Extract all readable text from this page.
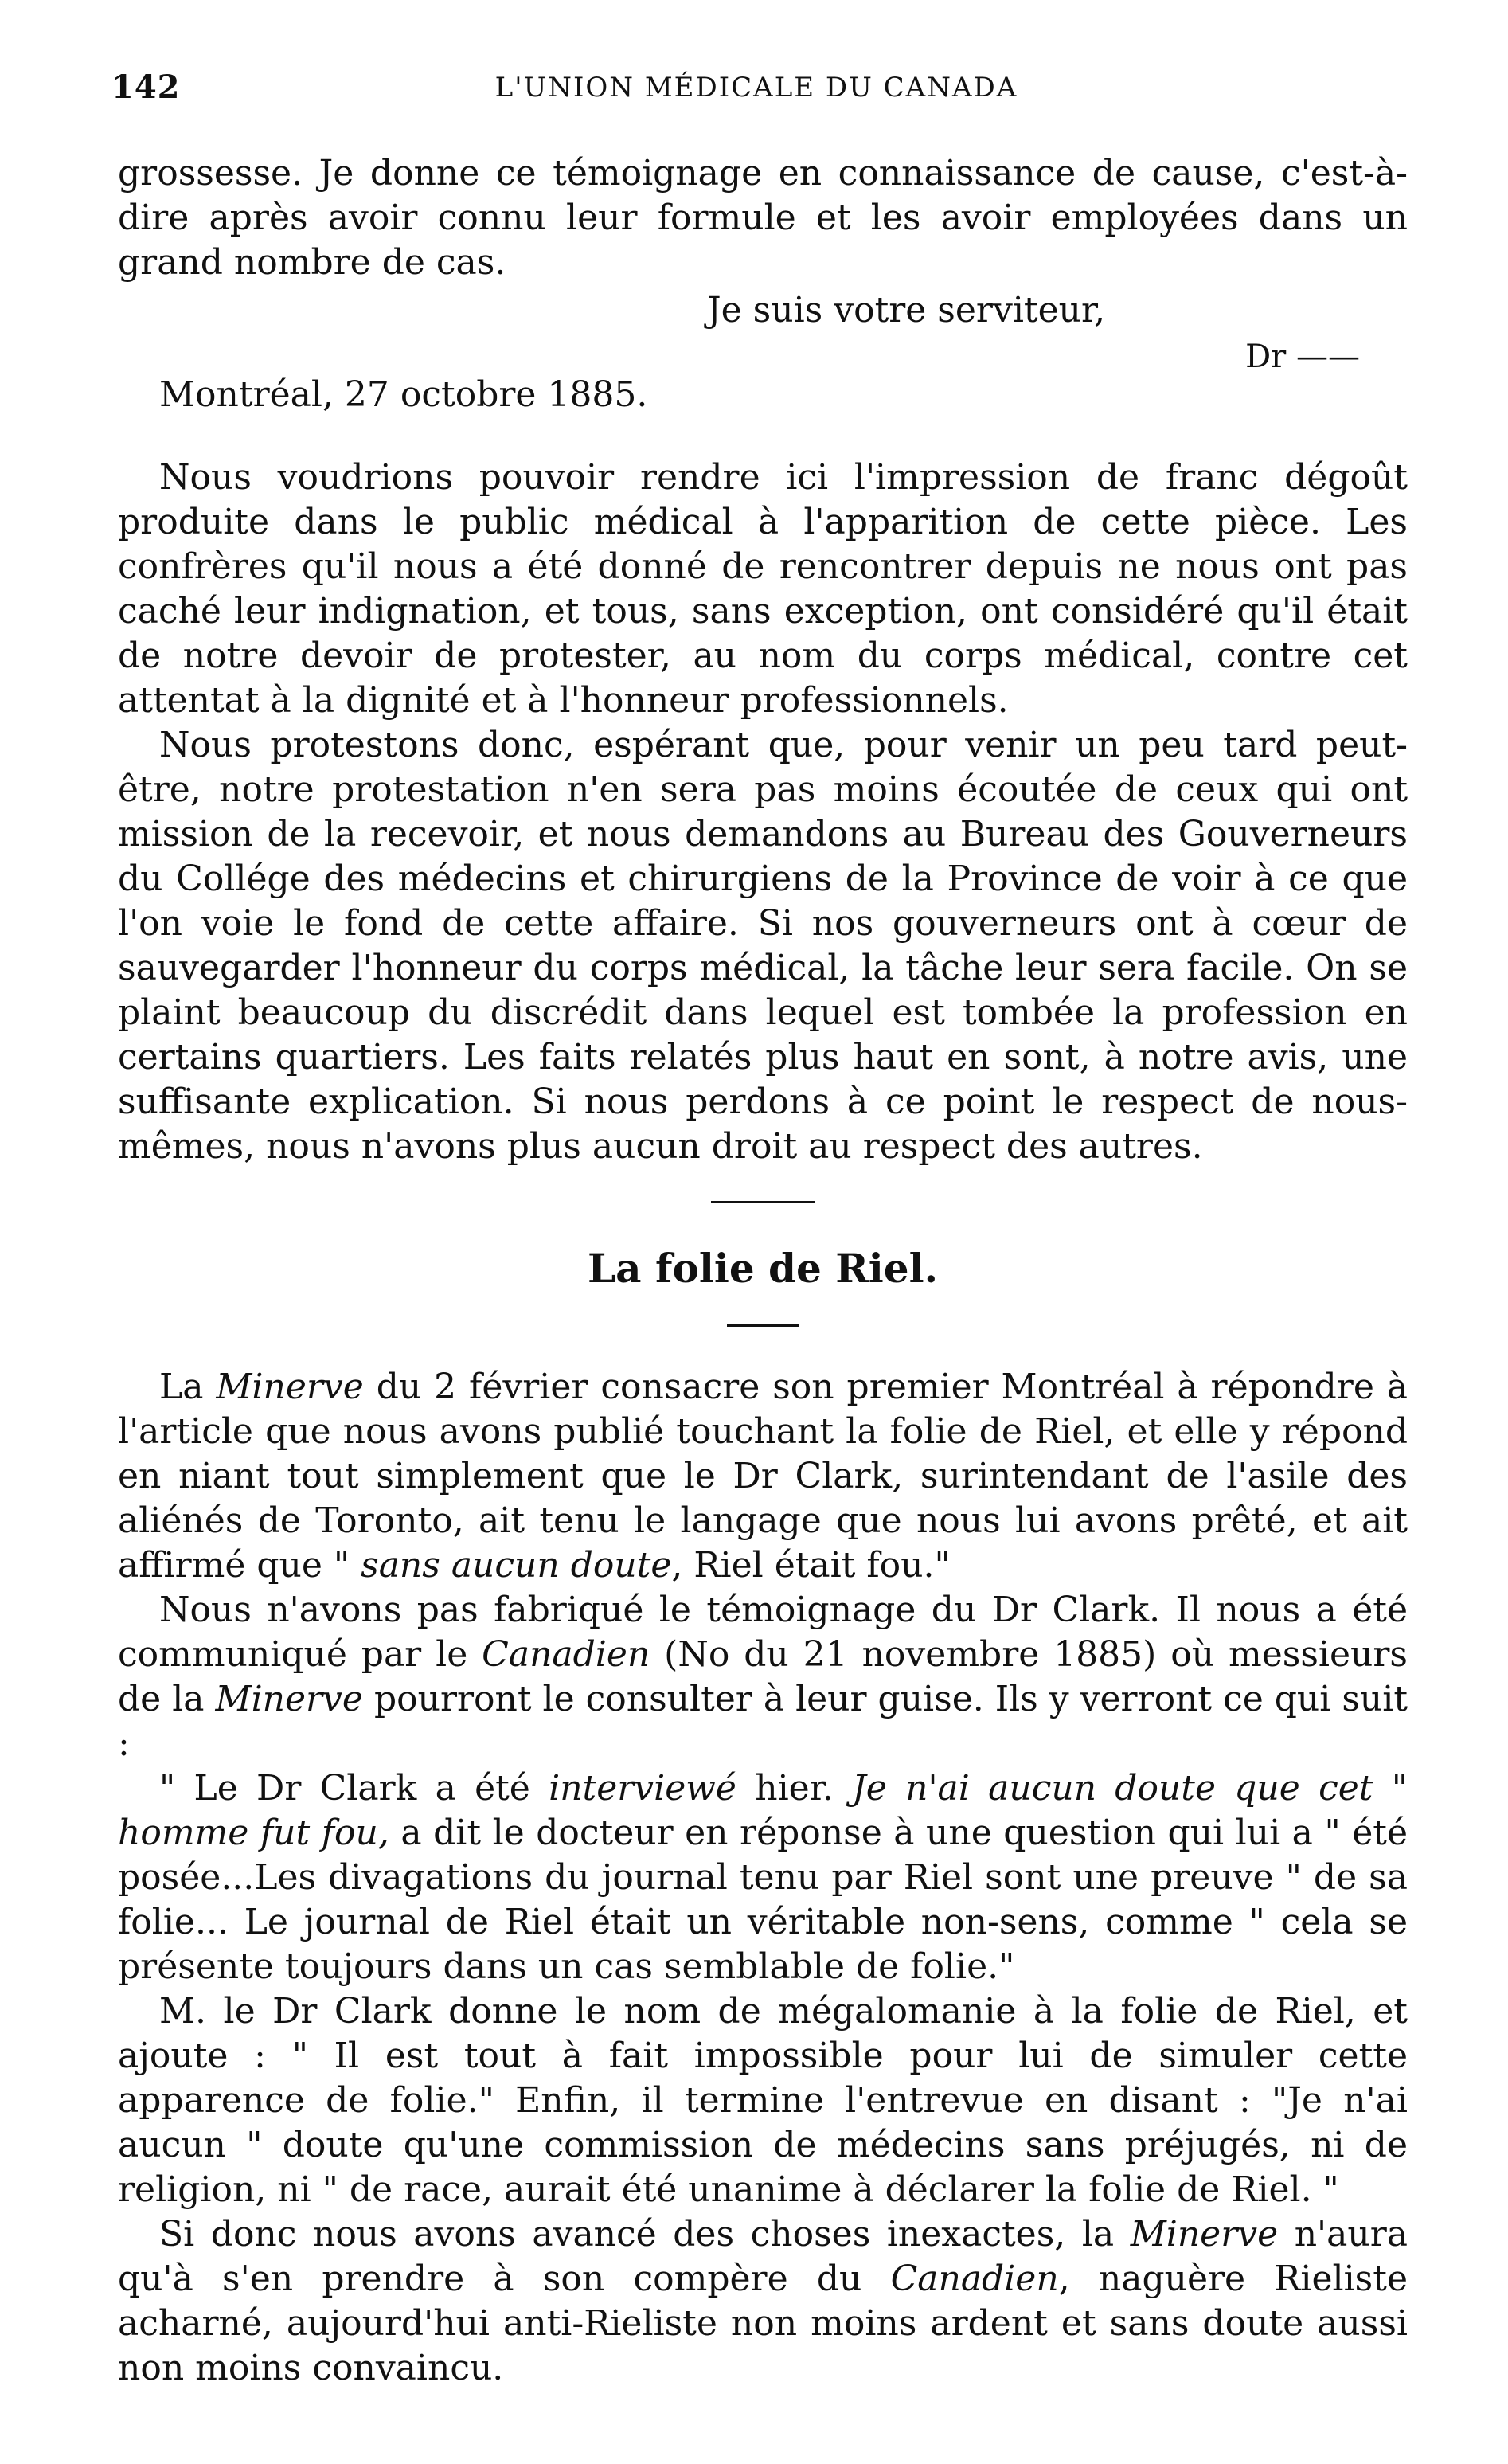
142	L'UNION MÉDICALE DU CANADA

grossesse. Je donne ce témoignage en connaissance de cause, c'est-à-dire après avoir connu leur formule et les avoir employées dans un grand nombre de cas.

Je suis votre serviteur,
Dr ——
Montréal, 27 octobre 1885.

Nous voudrions pouvoir rendre ici l'impression de franc dégoût produite dans le public médical à l'apparition de cette pièce. Les confrères qu'il nous a été donné de rencontrer depuis ne nous ont pas caché leur indignation, et tous, sans exception, ont considéré qu'il était de notre devoir de protester, au nom du corps médical, contre cet attentat à la dignité et à l'honneur professionnels.

Nous protestons donc, espérant que, pour venir un peu tard peut-être, notre protestation n'en sera pas moins écoutée de ceux qui ont mission de la recevoir, et nous demandons au Bureau des Gouverneurs du Collége des médecins et chirurgiens de la Province de voir à ce que l'on voie le fond de cette affaire. Si nos gouverneurs ont à cœur de sauvegarder l'honneur du corps médical, la tâche leur sera facile. On se plaint beaucoup du discrédit dans lequel est tombée la profession en certains quartiers. Les faits relatés plus haut en sont, à notre avis, une suffisante explication. Si nous perdons à ce point le respect de nous-mêmes, nous n'avons plus aucun droit au respect des autres.

La folie de Riel.

La Minerve du 2 février consacre son premier Montréal à répondre à l'article que nous avons publié touchant la folie de Riel, et elle y répond en niant tout simplement que le Dr Clark, surintendant de l'asile des aliénés de Toronto, ait tenu le langage que nous lui avons prêté, et ait affirmé que " sans aucun doute, Riel était fou."

Nous n'avons pas fabriqué le témoignage du Dr Clark. Il nous a été communiqué par le Canadien (No du 21 novembre 1885) où messieurs de la Minerve pourront le consulter à leur guise. Ils y verront ce qui suit :

" Le Dr Clark a été interviewé hier. Je n'ai aucun doute que cet " homme fut fou, a dit le docteur en réponse à une question qui lui a " été posée...Les divagations du journal tenu par Riel sont une preuve " de sa folie... Le journal de Riel était un véritable non-sens, comme " cela se présente toujours dans un cas semblable de folie."

M. le Dr Clark donne le nom de mégalomanie à la folie de Riel, et ajoute : " Il est tout à fait impossible pour lui de simuler cette apparence de folie." Enfin, il termine l'entrevue en disant : "Je n'ai aucun " doute qu'une commission de médecins sans préjugés, ni de religion, ni " de race, aurait été unanime à déclarer la folie de Riel. "

Si donc nous avons avancé des choses inexactes, la Minerve n'aura qu'à s'en prendre à son compère du Canadien, naguère Rieliste acharné, aujourd'hui anti-Rieliste non moins ardent et sans doute aussi non moins convaincu.
